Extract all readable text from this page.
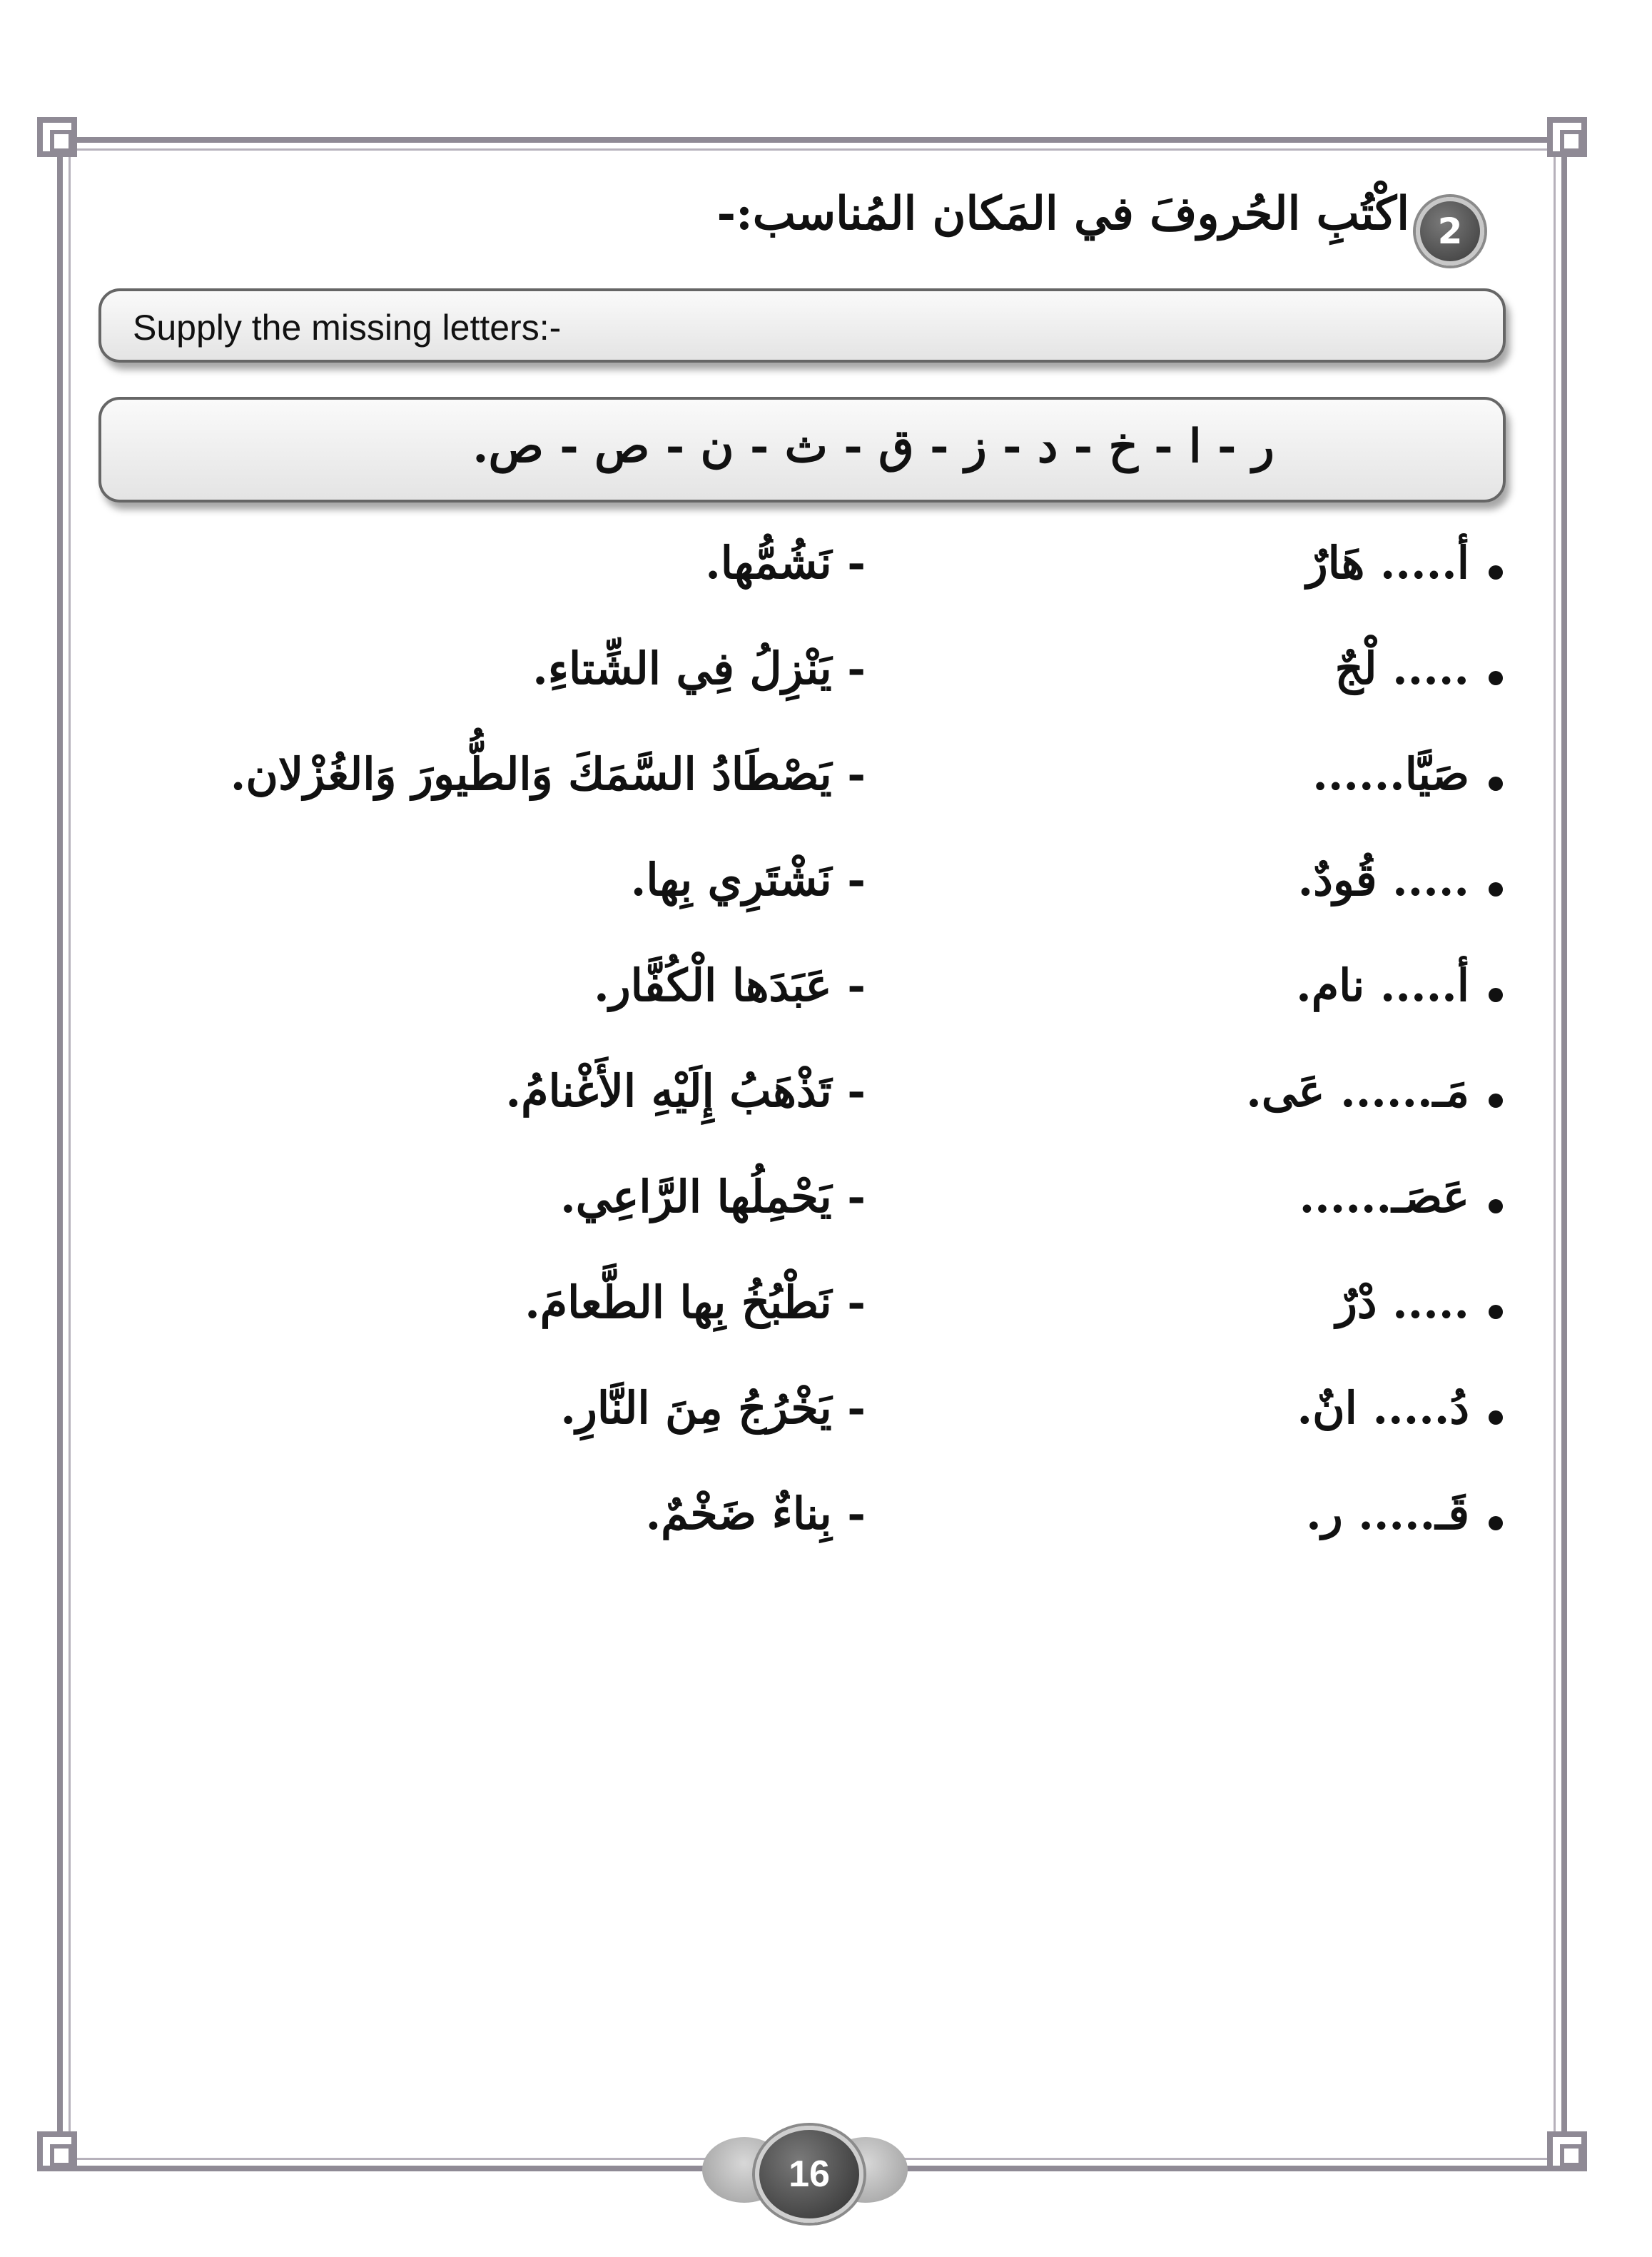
2
اكْتُبِ الحُروفَ في المَكان المُناسب:-
Supply the missing letters:-
ر - ا - خ - د - ز - ق - ث - ن - ص - ص.
أ..... هَارٌ
- نَشُمُّها.
..... لْجٌ
- يَنْزِلُ فِي الشِّتاءِ.
صَيَّا......
- يَصْطَادُ السَّمَكَ وَالطُّيورَ وَالغُزْلان.
..... قُودٌ.
- نَشْتَرِي بِها.
أ..... نام.
- عَبَدَها الْكُفَّار.
مَـ...... عَى.
- تَذْهَبُ إِلَيْهِ الأَغْنامُ.
عَصَـ......
- يَحْمِلُها الرَّاعِي.
..... دْرٌ
- نَطْبُخُ بِها الطَّعامَ.
دُ..... انٌ.
- يَخْرُجُ مِنَ النَّارِ.
قَـ..... ر.
- بِناءٌ ضَخْمٌ.
16
